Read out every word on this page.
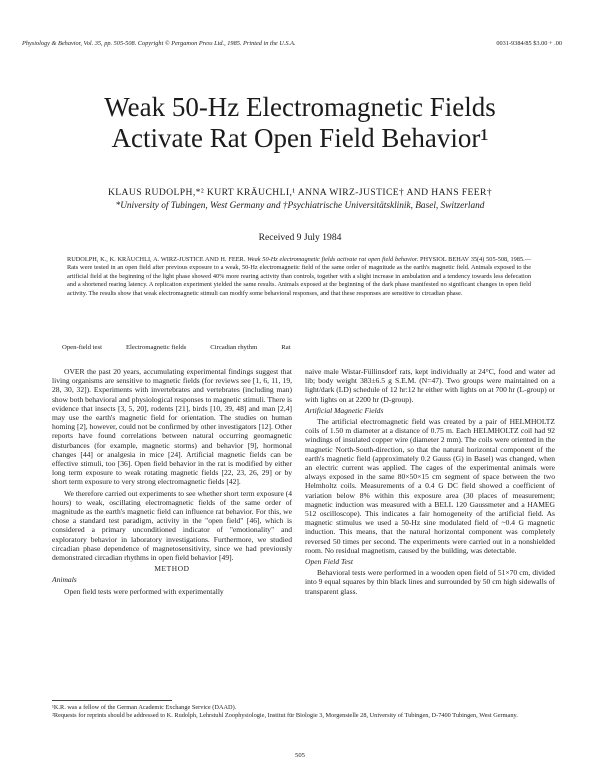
Physiology & Behavior, Vol. 35, pp. 505-508. Copyright © Pergamon Press Ltd., 1985. Printed in the U.S.A.	0031-9384/85 $3.00 + .00
Weak 50-Hz Electromagnetic Fields
Activate Rat Open Field Behavior¹
KLAUS RUDOLPH,*² KURT KRÄUCHLI,¹ ANNA WIRZ-JUSTICE† AND HANS FEER†
*University of Tubingen, West Germany and †Psychiatrische Universitätsklinik, Basel, Switzerland
Received 9 July 1984
RUDOLPH, K., K. KRÄUCHLI, A. WIRZ-JUSTICE AND H. FEER. Weak 50-Hz electromagnetic fields activate rat open field behavior. PHYSIOL BEHAV 35(4) 505-508, 1985.—Rats were tested in an open field after previous exposure to a weak, 50-Hz electromagnetic field of the same order of magnitude as the earth's magnetic field. Animals exposed to the artificial field at the beginning of the light phase showed 40% more rearing activity than controls, together with a slight increase in ambulation and a tendency towards less defecation and a shortened rearing latency. A replication experiment yielded the same results. Animals exposed at the beginning of the dark phase manifested no significant changes in open field activity. The results show that weak electromagnetic stimuli can modify some behavioral responses, and that these responses are sensitive to circadian phase.
Open-field test	Electromagnetic fields	Circadian rhythm	Rat

OVER the past 20 years, accumulating experimental findings suggest that living organisms are sensitive to magnetic fields (for reviews see [1, 6, 11, 19, 28, 30, 32]). Experiments with invertebrates and vertebrates (including man) show both behavioral and physiological responses to magnetic stimuli. There is evidence that insects [3, 5, 20], rodents [21], birds [10, 39, 48] and man [2,4] may use the earth's magnetic field for orientation. The studies on human homing [2], however, could not be confirmed by other investigators [12]. Other reports have found correlations between natural occurring geomagnetic disturbances (for example, magnetic storms) and behavior [9], hormonal changes [44] or analgesia in mice [24]. Artificial magnetic fields can be effective stimuli, too [36]. Open field behavior in the rat is modified by either long term exposure to weak rotating magnetic fields [22, 23, 26, 29] or by short term exposure to very strong electromagnetic fields [42].

We therefore carried out experiments to see whether short term exposure (4 hours) to weak, oscillating electromagnetic fields of the same order of magnitude as the earth's magnetic field can influence rat behavior. For this, we chose a standard test paradigm, activity in the "open field" [46], which is considered a primary unconditioned indicator of "emotionality" and exploratory behavior in laboratory investigations. Furthermore, we studied circadian phase dependence of magnetosensitivity, since we had previously demonstrated circadian rhythms in open field behavior [49].

METHOD

Animals

Open field tests were performed with experimentally

naive male Wistar-Füllinsdorf rats, kept individually at 24°C, food and water ad lib; body weight 383±6.5 g S.E.M. (N=47). Two groups were maintained on a light/dark (LD) schedule of 12 hr:12 hr either with lights on at 700 hr (L-group) or with lights on at 2200 hr (D-group).

Artificial Magnetic Fields

The artificial electromagnetic field was created by a pair of HELMHOLTZ coils of 1.50 m diameter at a distance of 0.75 m. Each HELMHOLTZ coil had 92 windings of insulated copper wire (diameter 2 mm). The coils were oriented in the magnetic North-South-direction, so that the natural horizontal component of the earth's magnetic field (approximately 0.2 Gauss (G) in Basel) was changed, when an electric current was applied. The cages of the experimental animals were always exposed in the same 80×50×15 cm segment of space between the two Helmholtz coils. Measurements of a 0.4 G DC field showed a coefficient of variation below 8% within this exposure area (30 places of measurement; magnetic induction was measured with a BELL 120 Gaussmeter and a HAMEG 512 oscilloscope). This indicates a fair homogeneity of the artificial field. As magnetic stimulus we used a 50-Hz sine modulated field of ~0.4 G magnetic induction. This means, that the natural horizontal component was completely reversed 50 times per second. The experiments were carried out in a nonshielded room. No residual magnetism, caused by the building, was detectable.

Open Field Test

Behavioral tests were performed in a wooden open field of 51×70 cm, divided into 9 equal squares by thin black lines and surrounded by 50 cm high sidewalls of transparent glass.

¹K.R. was a fellow of the German Academic Exchange Service (DAAD).
²Requests for reprints should be addressed to K. Rudolph, Lehrstuhl Zoophysiologie, Institut für Biologie 3, Morgenstelle 28, University of Tubingen, D-7400 Tubingen, West Germany.
505
